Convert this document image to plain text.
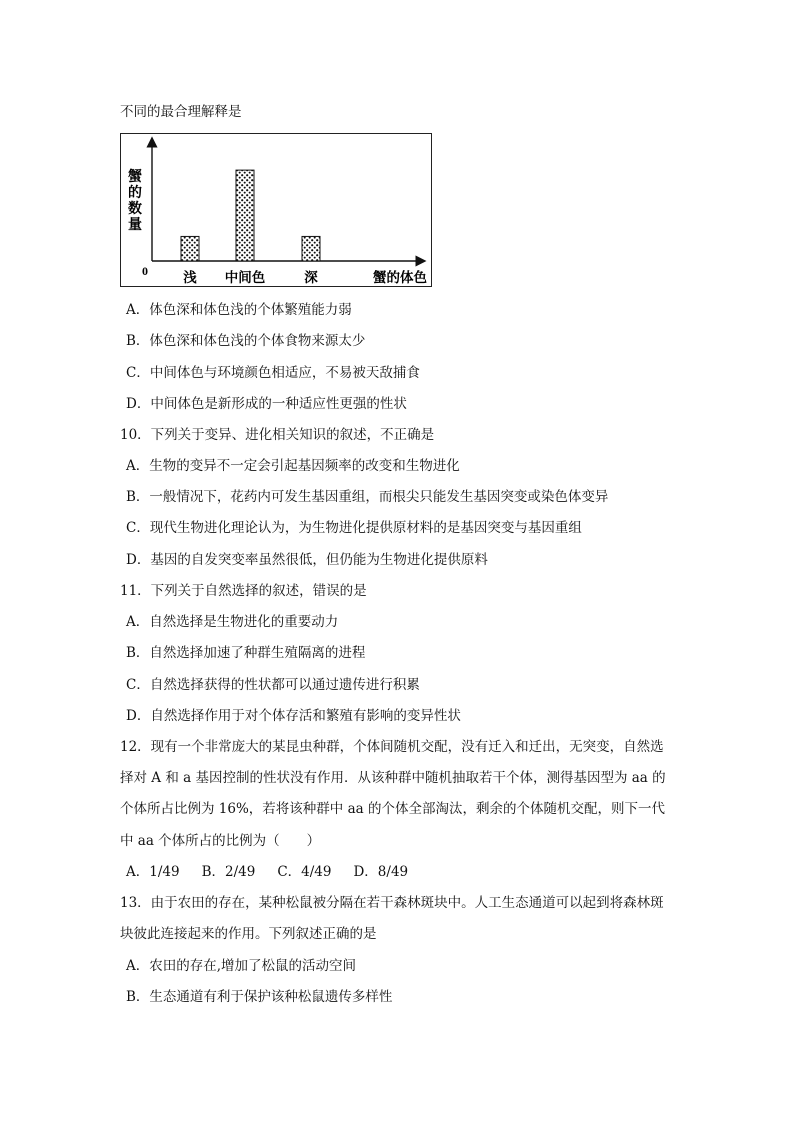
不同的最合理解释是
0
蟹的数量
浅 中间色	深	蟹的体色
A．体色深和体色浅的个体繁殖能力弱
B．体色深和体色浅的个体食物来源太少
C．中间体色与环境颜色相适应，不易被天敌捕食
D．中间体色是新形成的一种适应性更强的性状
10．下列关于变异、进化相关知识的叙述，不正确是
A．生物的变异不一定会引起基因频率的改变和生物进化
B．一般情况下，花药内可发生基因重组，而根尖只能发生基因突变或染色体变异
C．现代生物进化理论认为，为生物进化提供原材料的是基因突变与基因重组
D．基因的自发突变率虽然很低，但仍能为生物进化提供原料
11．下列关于自然选择的叙述，错误的是
A．自然选择是生物进化的重要动力
B．自然选择加速了种群生殖隔离的进程
C．自然选择获得的性状都可以通过遗传进行积累
D．自然选择作用于对个体存活和繁殖有影响的变异性状
12．现有一个非常庞大的某昆虫种群，个体间随机交配，没有迁入和迁出，无突变，自然选
择对 A 和 a 基因控制的性状没有作用．从该种群中随机抽取若干个体，测得基因型为 aa 的
个体所占比例为 16%，若将该种群中 aa 的个体全部淘汰，剩余的个体随机交配，则下一代
中 aa 个体所占的比例为（　　）
A．1/49 B．2/49 C．4/49 D．8/49
13．由于农田的存在，某种松鼠被分隔在若干森林斑块中。人工生态通道可以起到将森林斑
块彼此连接起来的作用。下列叙述正确的是
A．农田的存在,增加了松鼠的活动空间
B．生态通道有利于保护该种松鼠遗传多样性
